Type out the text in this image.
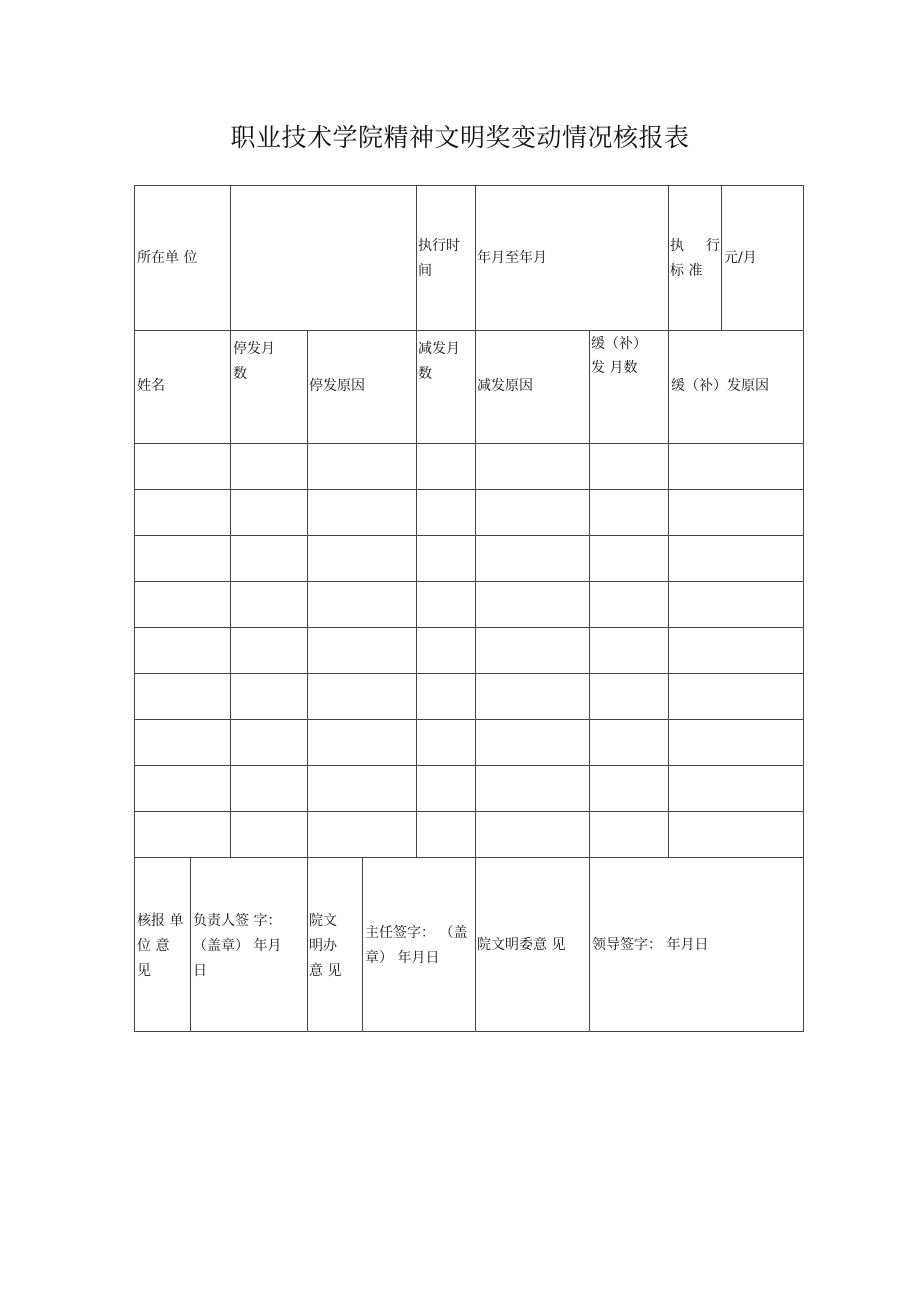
职业技术学院精神文明奖变动情况核报表
所在单 位
执行时
间
年月至年月
执 行
标 准
元/月
姓名
停发月
数
停发原因
减发月
数
减发原因
缓（补）
发 月数
缓（补）发原因
核报 单
位 意
见
负责人签 字：
（盖章） 年月
日
院文
明办
意 见
主任签字： （盖
章） 年月日
院文明委意 见 领导签字： 年月日
